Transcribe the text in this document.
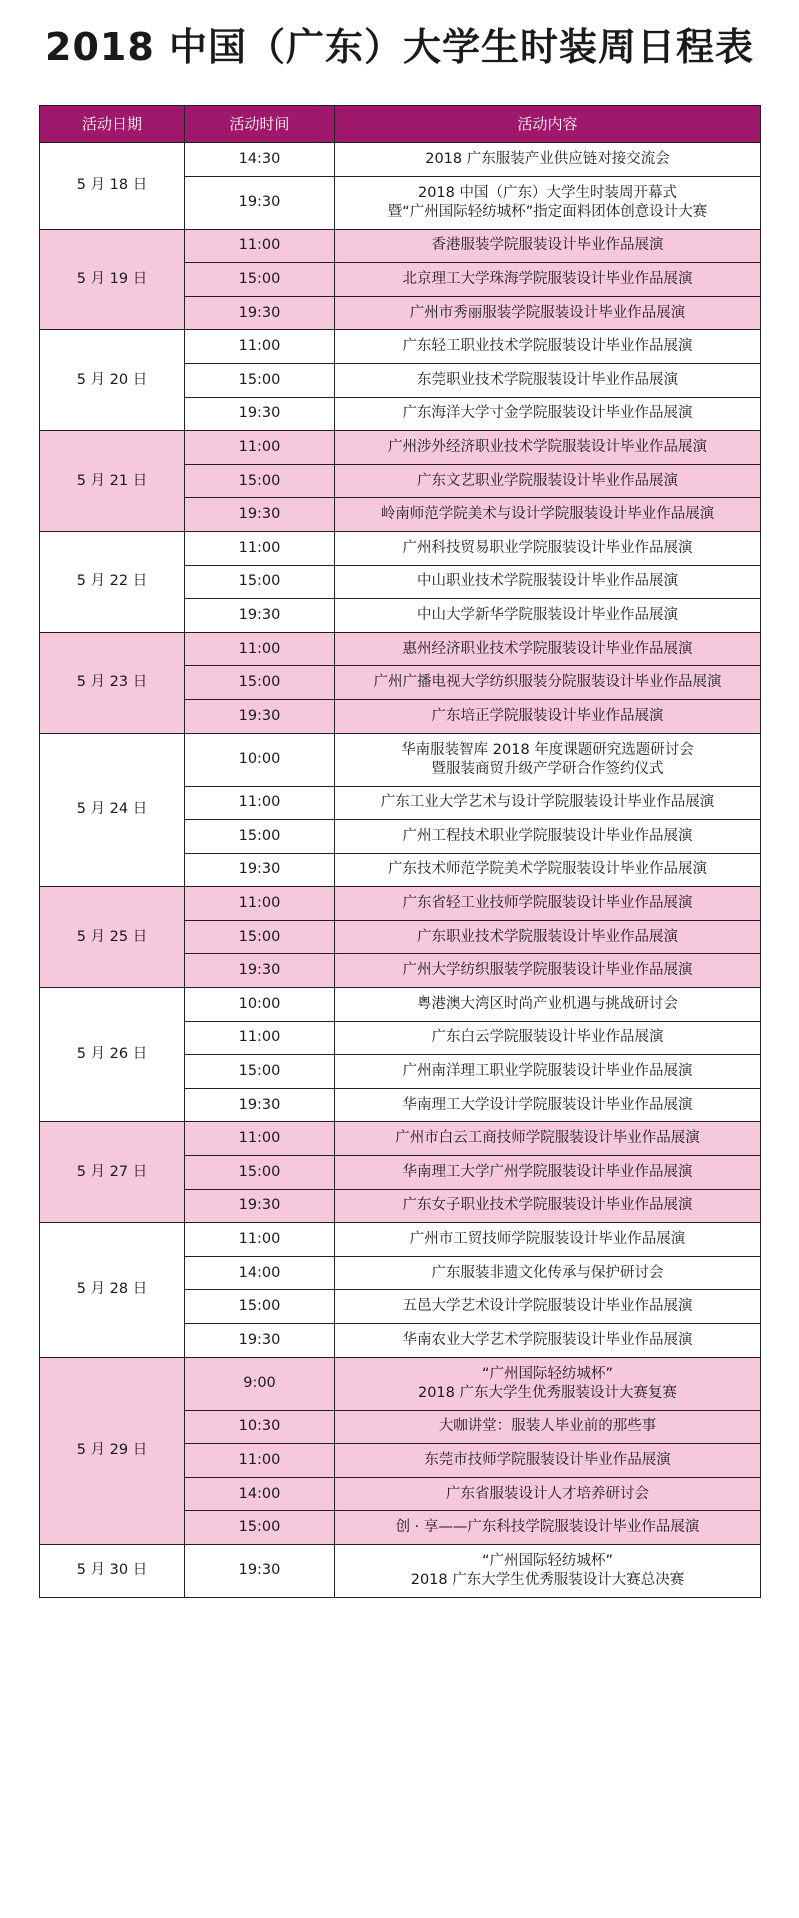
2018 中国（广东）大学生时装周日程表
活动日期	活动时间	活动内容
5 月 18 日	14:30	2018 广东服装产业供应链对接交流会

	19:30	2018 中国（广东）大学生时装周开幕式
暨“广州国际轻纺城杯”指定面料团体创意设计大赛

5 月 19 日	11:00	香港服装学院服装设计毕业作品展演

	15:00	北京理工大学珠海学院服装设计毕业作品展演

	19:30	广州市秀丽服装学院服装设计毕业作品展演

5 月 20 日	11:00	广东轻工职业技术学院服装设计毕业作品展演

	15:00	东莞职业技术学院服装设计毕业作品展演

	19:30	广东海洋大学寸金学院服装设计毕业作品展演

5 月 21 日	11:00	广州涉外经济职业技术学院服装设计毕业作品展演

	15:00	广东文艺职业学院服装设计毕业作品展演

	19:30	岭南师范学院美术与设计学院服装设计毕业作品展演

5 月 22 日	11:00	广州科技贸易职业学院服装设计毕业作品展演

	15:00	中山职业技术学院服装设计毕业作品展演

	19:30	中山大学新华学院服装设计毕业作品展演

5 月 23 日	11:00	惠州经济职业技术学院服装设计毕业作品展演

	15:00	广州广播电视大学纺织服装分院服装设计毕业作品展演

	19:30	广东培正学院服装设计毕业作品展演

5 月 24 日	10:00	华南服装智库 2018 年度课题研究选题研讨会
暨服装商贸升级产学研合作签约仪式

	11:00	广东工业大学艺术与设计学院服装设计毕业作品展演

	15:00	广州工程技术职业学院服装设计毕业作品展演

	19:30	广东技术师范学院美术学院服装设计毕业作品展演

5 月 25 日	11:00	广东省轻工业技师学院服装设计毕业作品展演

	15:00	广东职业技术学院服装设计毕业作品展演

	19:30	广州大学纺织服装学院服装设计毕业作品展演

5 月 26 日	10:00	粤港澳大湾区时尚产业机遇与挑战研讨会

	11:00	广东白云学院服装设计毕业作品展演

	15:00	广州南洋理工职业学院服装设计毕业作品展演

	19:30	华南理工大学设计学院服装设计毕业作品展演

5 月 27 日	11:00	广州市白云工商技师学院服装设计毕业作品展演

	15:00	华南理工大学广州学院服装设计毕业作品展演

	19:30	广东女子职业技术学院服装设计毕业作品展演

5 月 28 日	11:00	广州市工贸技师学院服装设计毕业作品展演

	14:00	广东服装非遗文化传承与保护研讨会

	15:00	五邑大学艺术设计学院服装设计毕业作品展演

	19:30	华南农业大学艺术学院服装设计毕业作品展演

5 月 29 日	9:00	“广州国际轻纺城杯”
2018 广东大学生优秀服装设计大赛复赛

	10:30	大咖讲堂：服装人毕业前的那些事

	11:00	东莞市技师学院服装设计毕业作品展演

	14:00	广东省服装设计人才培养研讨会

	15:00	创 · 享——广东科技学院服装设计毕业作品展演

5 月 30 日	19:30	“广州国际轻纺城杯”
2018 广东大学生优秀服装设计大赛总决赛
